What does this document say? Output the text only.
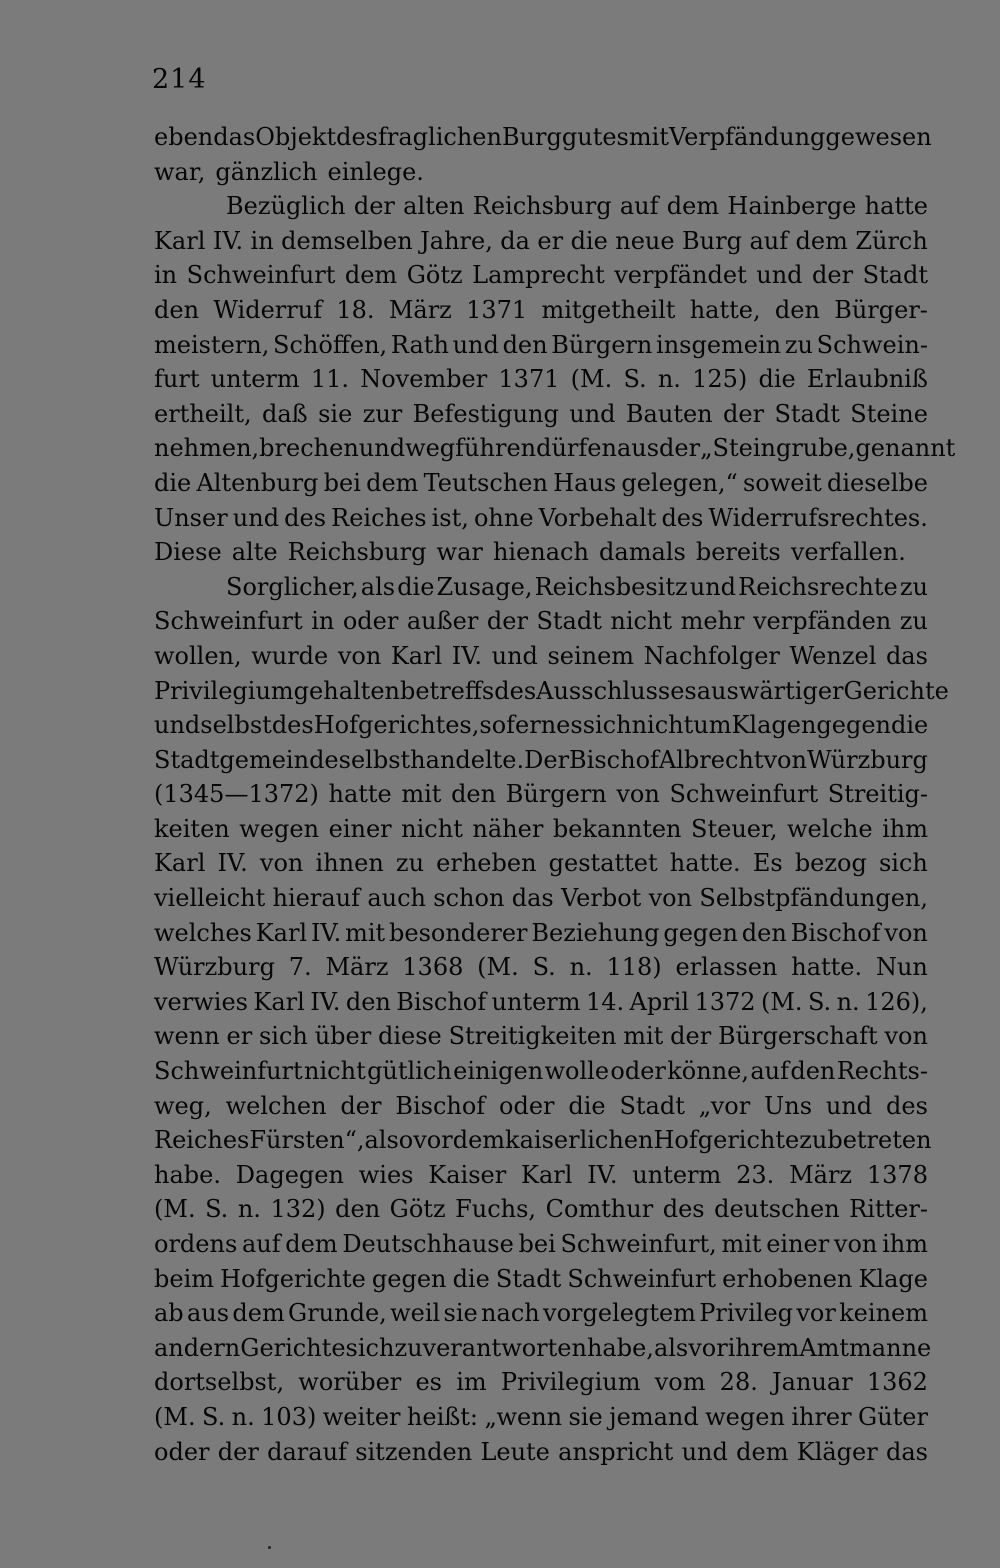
214
eben das Objekt des fraglichen Burggutes mit Verpfändung gewesen
war, gänzlich einlege.
Bezüglich der alten Reichsburg auf dem Hainberge hatte
Karl IV. in demselben Jahre, da er die neue Burg auf dem Zürch
in Schweinfurt dem Götz Lamprecht verpfändet und der Stadt
den Widerruf 18. März 1371 mitgetheilt hatte, den Bürger-
meistern, Schöffen, Rath und den Bürgern insgemein zu Schwein-
furt unterm 11. November 1371 (M. S. n. 125) die Erlaubniß
ertheilt, daß sie zur Befestigung und Bauten der Stadt Steine
nehmen, brechen und wegführen dürfen aus der „Steingrube, genannt
die Altenburg bei dem Teutschen Haus gelegen,“ soweit dieselbe
Unser und des Reiches ist, ohne Vorbehalt des Widerrufsrechtes.
Diese alte Reichsburg war hienach damals bereits verfallen.
Sorglicher, als die Zusage, Reichsbesitz und Reichsrechte zu
Schweinfurt in oder außer der Stadt nicht mehr verpfänden zu
wollen, wurde von Karl IV. und seinem Nachfolger Wenzel das
Privilegium gehalten betreffs des Ausschlusses auswärtiger Gerichte
und selbst des Hofgerichtes, sofern es sich nicht um Klagen gegen die
Stadtgemeinde selbst handelte. Der Bischof Albrecht von Würzburg
(1345—1372) hatte mit den Bürgern von Schweinfurt Streitig-
keiten wegen einer nicht näher bekannten Steuer, welche ihm
Karl IV. von ihnen zu erheben gestattet hatte. Es bezog sich
vielleicht hierauf auch schon das Verbot von Selbstpfändungen,
welches Karl IV. mit besonderer Beziehung gegen den Bischof von
Würzburg 7. März 1368 (M. S. n. 118) erlassen hatte. Nun
verwies Karl IV. den Bischof unterm 14. April 1372 (M. S. n. 126),
wenn er sich über diese Streitigkeiten mit der Bürgerschaft von
Schweinfurt nicht gütlich einigen wolle oder könne, auf den Rechts-
weg, welchen der Bischof oder die Stadt „vor Uns und des
Reiches Fürsten“, also vor dem kaiserlichen Hofgerichte zu betreten
habe. Dagegen wies Kaiser Karl IV. unterm 23. März 1378
(M. S. n. 132) den Götz Fuchs, Comthur des deutschen Ritter-
ordens auf dem Deutschhause bei Schweinfurt, mit einer von ihm
beim Hofgerichte gegen die Stadt Schweinfurt erhobenen Klage
ab aus dem Grunde, weil sie nach vorgelegtem Privileg vor keinem
andern Gerichte sich zu verantworten habe, als vor ihrem Amtmanne
dortselbst, worüber es im Privilegium vom 28. Januar 1362
(M. S. n. 103) weiter heißt: „wenn sie jemand wegen ihrer Güter
oder der darauf sitzenden Leute anspricht und dem Kläger das
